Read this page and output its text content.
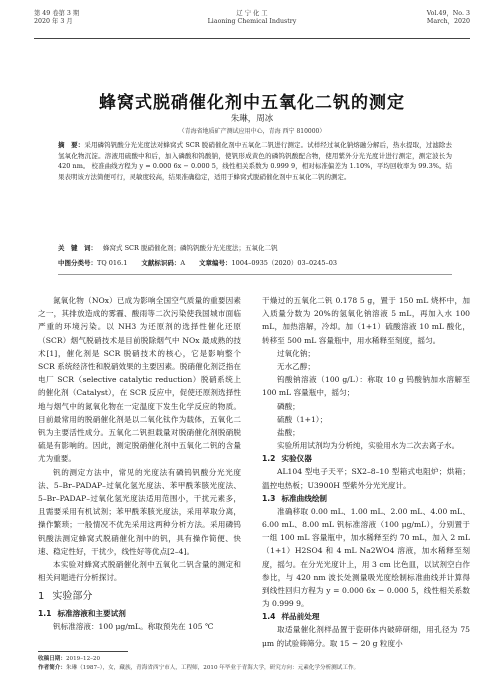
第 49 卷第 3 期
2020 年 3 月
辽 宁 化 工
Liaoning Chemical Industry
Vol.49，No. 3
March，2020
蜂窝式脱硝催化剂中五氧化二钒的测定
朱琳，周冰
（青海省地质矿产测试应用中心，青海 西宁 810000）
摘　要：采用磷钨钒酸分光光度法对蜂窝式 SCR 脱硝催化剂中五氧化二钒进行测定。试样经过氧化钠熔融分解后，热水提取，过滤除去氢氧化物沉淀。溶液用硫酸中和后，加入磷酸和钨酸钠，使钒形成黄色的磷钨钒酸配合物，使用紫外分光光度计进行测定，测定波长为 420 nm。 校准曲线方程为 y = 0.000 6x − 0.000 5，线性相关系数为 0.999 9，相对标准偏差为 1.10%，平均回收率为 99.3%。结果表明该方法简便可行，灵敏度较高，结果准确稳定，适用于蜂窝式脱硝催化剂中五氧化二钒的测定。
关　键　词： 蜂窝式 SCR 脱硝催化剂；磷钨钒酸分光光度法；五氧化二钒
中图分类号：TQ 016.1 文献标识码：A 文章编号：1004–0935（2020）03–0245–03

氮氧化物（NOx）已成为影响全国空气质量的重要因素之一，其排放造成的雾霾、酸雨等二次污染使我国城市面临严重的环境污染。以 NH3 为还原剂的选择性催化还原（SCR）烟气脱硝技术是目前脱除烟气中 NOx 最成熟的技术[1]，催化剂是 SCR 脱硝技术的核心，它是影响整个 SCR 系统经济性和脱硝效果的主要因素。脱硝催化剂泛指在电厂 SCR（selective catalytic reduction）脱硝系统上的催化剂（Catalyst），在 SCR 反应中，促使还原剂选择性地与烟气中的氮氧化物在一定温度下发生化学反应的物质。目前最常用的脱硝催化剂是以二氧化钛作为载体，五氧化二钒为主要活性成分。五氧化二钒担载量对脱硝催化剂脱硝脱硫是有影响的。因此，测定脱硝催化剂中五氧化二钒的含量尤为重要。

钒的测定方法中，常见的光度法有磷钨钒酸分光光度法、5–Br–PADAP–过氧化氢光度法、苯甲酰苯胲光度法、5–Br–PADAP–过氧化氢光度法适用范围小，干扰元素多，且需要采用有机试剂；苯甲酰苯胲光度法，采用萃取分离，操作繁琐；一般情况不优先采用这两种分析方法。采用磷钨钒酸法测定蜂窝式脱硝催化剂中的钒，具有操作简便、快速、稳定性好，干扰少，线性好等优点[2–4]。

本实验对蜂窝式脱硝催化剂中五氧化二钒含量的测定和相关问题进行分析探讨。

1 实验部分
1.1 标准溶液和主要试剂

钒标准溶液：100 μg/mL。称取预先在 105 ℃

干燥过的五氧化二钒 0.178 5 g，置于 150 mL 烧杯中，加入质量分数为 20%的氢氧化钠溶液 5 mL，再加入水 100 mL，加热溶解，冷却。加（1+1）硫酸溶液 10 mL 酸化，转移至 500 mL 容量瓶中，用水稀释至刻度，摇匀。

过氧化钠；

无水乙醇；

钨酸钠溶液（100 g/L）：称取 10 g 钨酸钠加水溶解至 100 mL 容量瓶中，摇匀；

磷酸；

硫酸（1+1）；

盐酸；

实验所用试剂均为分析纯，实验用水为二次去离子水。

1.2 实验仪器

AL104 型电子天平；SX2–8–10 型箱式电阻炉；烘箱；温控电热板；U3900H 型紫外分光光度计。

1.3 标准曲线绘制

准确移取 0.00 mL、1.00 mL、2.00 mL、4.00 mL、6.00 mL、8.00 mL 钒标准溶液（100 μg/mL），分别置于一组 100 mL 容量瓶中，加水稀释至约 70 mL，加入 2 mL（1+1）H2SO4 和 4 mL Na2WO4 溶液，加水稀释至刻度，摇匀。在分光光度计上，用 3 cm 比色皿，以试剂空白作参比，与 420 nm 波长处测量吸光度绘制标准曲线并计算得到线性回归方程为 y = 0.000 6x − 0.000 5，线性相关系数为 0.999 9。

1.4 样品前处理

取适量催化剂样品置于瓷研体内破碎研细，用孔径为 75 μm 的试验筛筛分。取 15 ~ 20 g 粒度小

收稿日期：2019–12–20
作者简介：朱琳（1987–），女，藏族，青海省西宁市人，工程师，2010 年毕业于青海大学，研究方向：元素化学分析测试工作。
